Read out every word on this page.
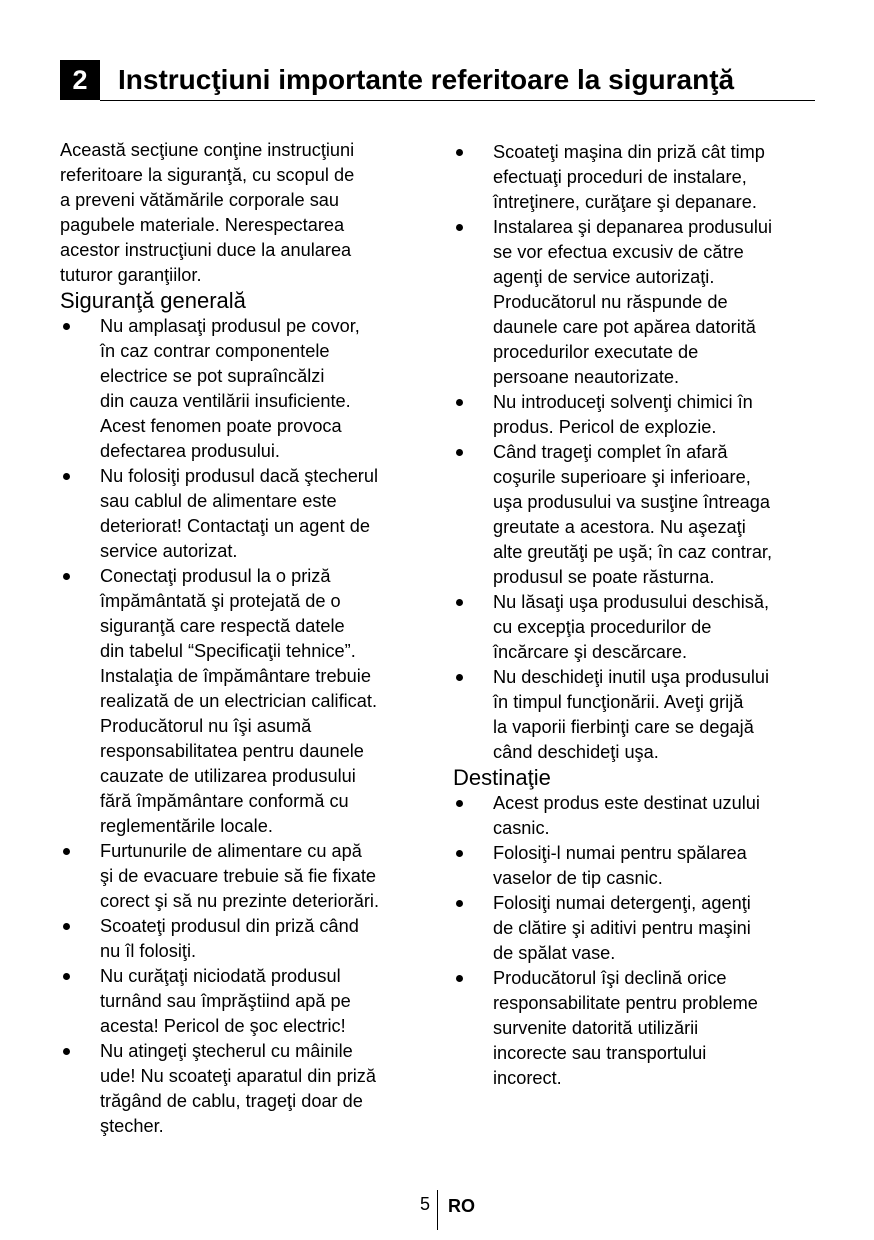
2	Instrucţiuni importante referitoare la siguranţă

Această secţiune conţine instrucţiuni
referitoare la siguranţă, cu scopul de
a preveni vătămările corporale sau
pagubele materiale. Nerespectarea
acestor instrucţiuni duce la anularea
tuturor garanţiilor.

Siguranţă generală
Nu amplasaţi produsul pe covor,
în caz contrar componentele
electrice se pot supraîncălzi
din cauza ventilării insuficiente.
Acest fenomen poate provoca
defectarea produsului.
Nu folosiţi produsul dacă ştecherul
sau cablul de alimentare este
deteriorat! Contactaţi un agent de
service autorizat.
Conectaţi produsul la o priză
împământată şi protejată de o
siguranţă care respectă datele
din tabelul “Specificaţii tehnice”.
Instalaţia de împământare trebuie
realizată de un electrician calificat.
Producătorul nu îşi asumă
responsabilitatea pentru daunele
cauzate de utilizarea produsului
fără împământare conformă cu
reglementările locale.
Furtunurile de alimentare cu apă
şi de evacuare trebuie să fie fixate
corect şi să nu prezinte deteriorări.
Scoateţi produsul din priză când
nu îl folosiţi.
Nu curăţaţi niciodată produsul
turnând sau împrăştiind apă pe
acesta! Pericol de şoc electric!
Nu atingeţi ştecherul cu mâinile
ude! Nu scoateţi aparatul din priză
trăgând de cablu, trageţi doar de
ştecher.
Scoateţi maşina din priză cât timp
efectuaţi proceduri de instalare,
întreţinere, curăţare şi depanare.
Instalarea şi depanarea produsului
se vor efectua excusiv de către
agenţi de service autorizaţi.
Producătorul nu răspunde de
daunele care pot apărea datorită
procedurilor executate de
persoane neautorizate.
Nu introduceţi solvenţi chimici în
produs. Pericol de explozie.
Când trageţi complet în afară
coşurile superioare şi inferioare,
uşa produsului va susţine întreaga
greutate a acestora. Nu aşezaţi
alte greutăţi pe uşă; în caz contrar,
produsul se poate răsturna.
Nu lăsaţi uşa produsului deschisă,
cu excepţia procedurilor de
încărcare şi descărcare.
Nu deschideţi inutil uşa produsului
în timpul funcţionării. Aveţi grijă
la vaporii fierbinţi care se degajă
când deschideţi uşa.
Destinaţie
Acest produs este destinat uzului
casnic.
Folosiţi-l numai pentru spălarea
vaselor de tip casnic.
Folosiţi numai detergenţi, agenţi
de clătire şi aditivi pentru maşini
de spălat vase.
Producătorul îşi declină orice
responsabilitate pentru probleme
survenite datorită utilizării
incorecte sau transportului
incorect.
5 RO
